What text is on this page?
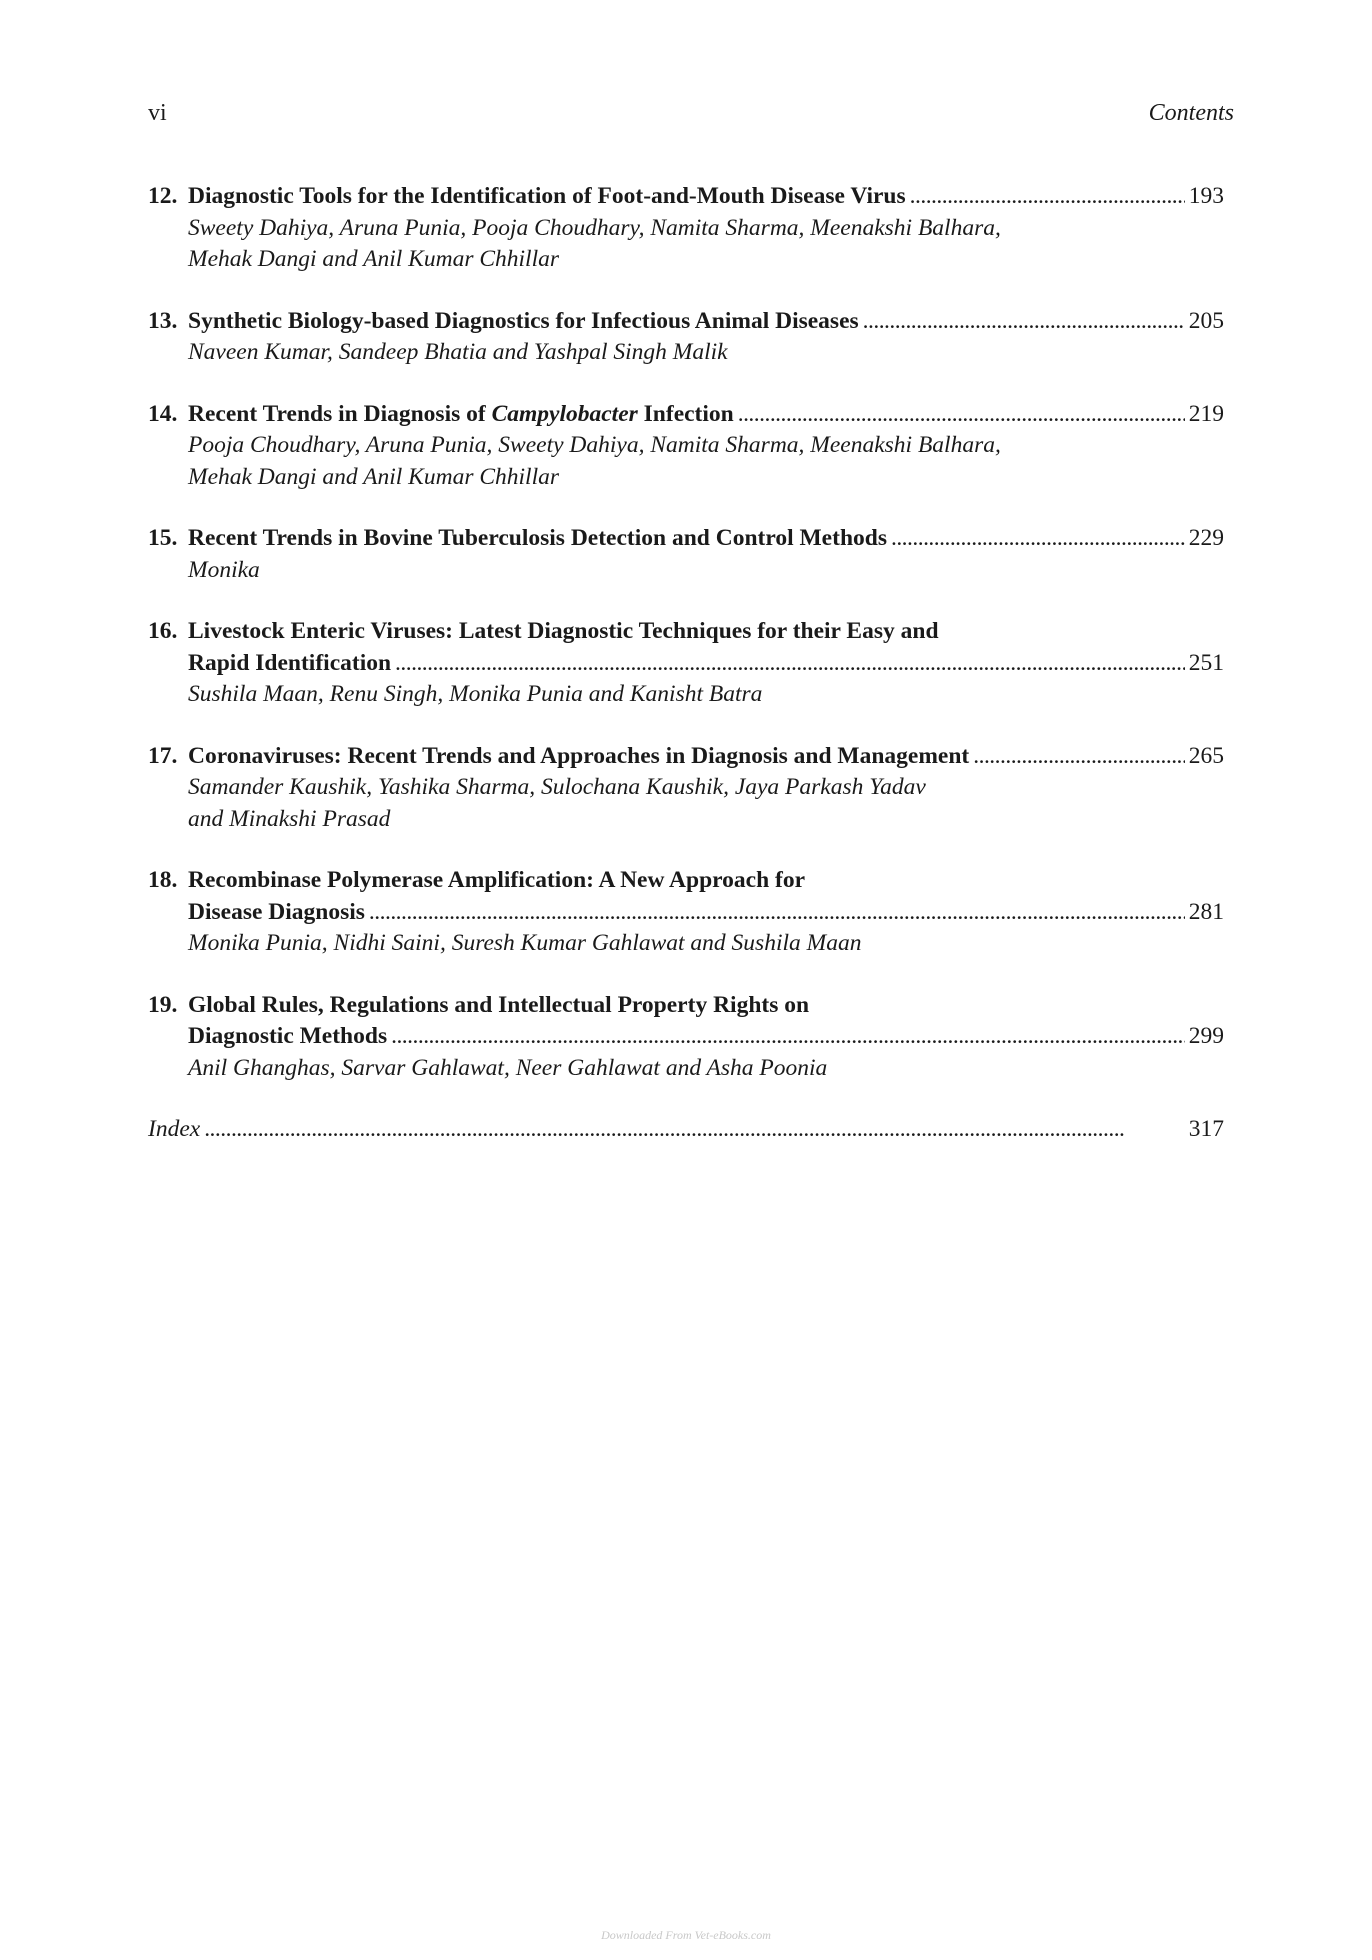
vi	Contents
12. Diagnostic Tools for the Identification of Foot-and-Mouth Disease Virus . . .	193
Sweety Dahiya, Aruna Punia, Pooja Choudhary, Namita Sharma, Meenakshi Balhara,
Mehak Dangi and Anil Kumar Chhillar
13. Synthetic Biology-based Diagnostics for Infectious Animal Diseases . . .	205
Naveen Kumar, Sandeep Bhatia and Yashpal Singh Malik
14. Recent Trends in Diagnosis of Campylobacter Infection . . .	219
Pooja Choudhary, Aruna Punia, Sweety Dahiya, Namita Sharma, Meenakshi Balhara,
Mehak Dangi and Anil Kumar Chhillar
15. Recent Trends in Bovine Tuberculosis Detection and Control Methods . . .	229
Monika
16. Livestock Enteric Viruses: Latest Diagnostic Techniques for their Easy and
Rapid Identification . . .	251
Sushila Maan, Renu Singh, Monika Punia and Kanisht Batra
17. Coronaviruses: Recent Trends and Approaches in Diagnosis and Management . . .	265
Samander Kaushik, Yashika Sharma, Sulochana Kaushik, Jaya Parkash Yadav
and Minakshi Prasad
18. Recombinase Polymerase Amplification: A New Approach for
Disease Diagnosis . . .	281
Monika Punia, Nidhi Saini, Suresh Kumar Gahlawat and Sushila Maan
19. Global Rules, Regulations and Intellectual Property Rights on
Diagnostic Methods . . .	299
Anil Ghanghas, Sarvar Gahlawat, Neer Gahlawat and Asha Poonia
Index . . .	317
Downloaded From Vet-eBooks.com
